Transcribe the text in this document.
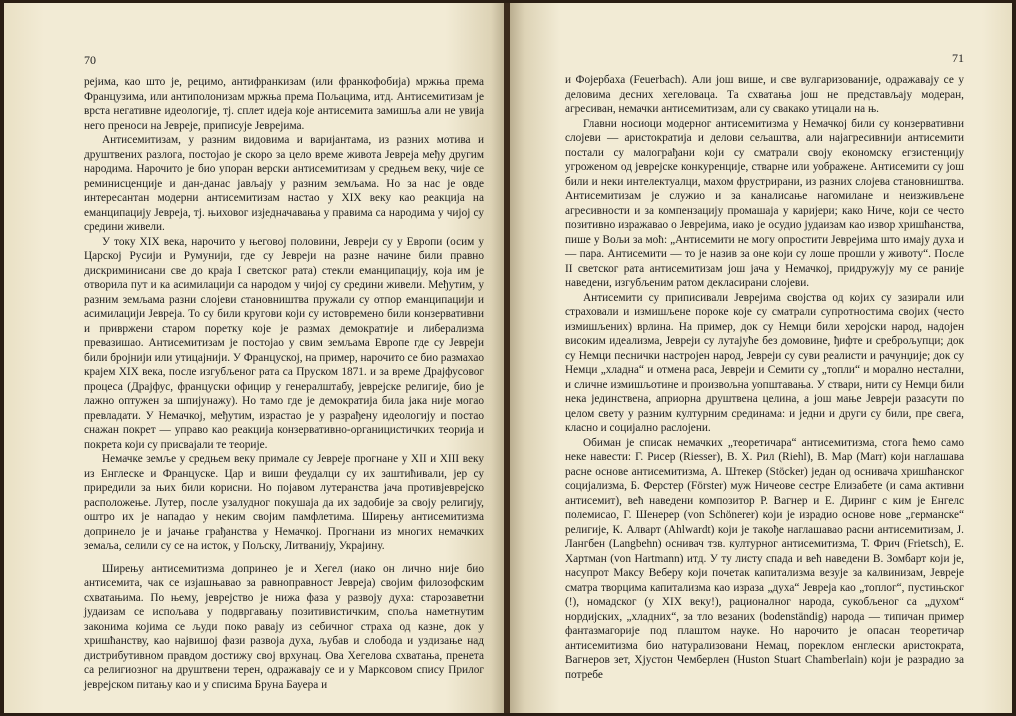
70

рејима, као што је, рецимо, антифранкизам (или франкофобија) мржња према Французима, или антиполонизам мржња према Пољацима, итд. Антисемитизам је врста негативне идеологије, тј. сплет идеја које антисемита замишља али не увија него преноси на Јевреје, приписује Јеврејима.

Антисемитизам, у разним видовима и варијантама, из разних мотива и друштвених разлога, постојао је скоро за цело време живота Јевреја међу другим народима. Нарочито је био упоран верски антисемитизам у средњем веку, чије се реминисценције и дан-данас јављају у разним земљама. Но за нас је овде интересантан модерни антисемитизам настао у XIX веку као реакција на еманципацију Јевреја, тј. њиховог изједначавања у правима са народима у чијој су средини живели.

У току XIX века, нарочито у његовој половини, Јевреји су у Европи (осим у Царској Русији и Румунији, где су Јевреји на разне начине били правно дискриминисани све до краја I светског рата) стекли еманципацију, која им је отворила пут и ка асимилацији са народом у чијој су средини живели. Међутим, у разним земљама разни слојеви становништва пружали су отпор еманципацији и асимилацији Јевреја. То су били кругови који су истовремено били конзервативни и привржени старом поретку које је размах демократије и либерализма превазишао. Антисемитизам је постојао у свим земљама Европе где су Јевреји били бројнији или утицајнији. У Француској, на пример, нарочито се био размахао крајем XIX века, после изгубљеног рата са Пруском 1871. и за време Драјфусовог процеса (Драјфус, француски официр у генералштабу, јеврејске религије, био је лажно оптужен за шпијунажу). Но тамо где је демократија била јака није могао превладати. У Немачкој, међутим, израстао је у разрађену идеологију и постао снажан покрет — управо као реакција конзервативно-органицистичких теорија и покрета који су присвајали те теорије.

Немачке земље у средњем веку примале су Јевреје прогнане у XII и XIII веку из Енглеске и Француске. Цар и виши феудалци су их заштићивали, јер су приредили за њих били корисни. Но појавом лутеранства јача противјеврејско расположење. Лутер, после узалудног покушаја да их задобије за своју религију, оштро их је нападао у неким својим памфлетима. Ширењу антисемитизма допринело је и јачање грађанства у Немачкој. Прогнани из многих немачких земаља, селили су се на исток, у Пољску, Литванију, Украјину.

Ширењу антисемитизма допринео је и Хегел (иако он лично није био антисемита, чак се изјашњавао за равноправност Јевреја) својим филозофским схватањима. По њему, јеврејство је нижа фаза у развоју духа: старозаветни јудаизам се испољава у подвргавању позитивистичким, споља наметнутим законима којима се људи поко равају из себичног страха од казне, док у хришћанству, као највишој фази развоја духа, љубав и слобода и уздизање над дистрибутивном правдом достижу свој врхунац. Ова Хегелова схватања, пренета са религиозног на друштвени терен, одражавају се и у Марксовом спису Прилог јеврејском питању као и у списима Бруна Бауера и

71

и Фојербаха (Feuerbach). Али још више, и све вулгаризованије, одражавају се у деловима десних хегеловаца. Та схватања још не представљају модеран, агресиван, немачки антисемитизам, али су свакако утицали на њ.

Главни носиоци модерног антисемитизма у Немачкој били су конзервативни слојеви — аристократија и делови сељаштва, али најагресивнији антисемити постали су малограђани који су сматрали своју економску егзистенцију угроженом од јеврејске конкуренције, стварне или уображене. Антисемити су још били и неки интелектуалци, махом фрустрирани, из разних слојева становништва. Антисемитизам је служио и за каналисање нагомилане и неизживљене агресивности и за компензацију промашаја у каријери; како Ниче, који се често позитивно изражавао о Јеврејима, иако је осудио јудаизам као извор хришћанства, пише у Вољи за моћ: „Антисемити не могу опростити Јеврејима што имају духа и — пара. Антисемити — то је назив за оне који су лоше прошли у животу“. После II светског рата антисемитизам још јача у Немачкој, придружују му се раније наведени, изгубљеним ратом декласирани слојеви.

Антисемити су приписивали Јеврејима својства од којих су зазирали или страховали и измишљене пороке које су сматрали супротностима својих (често измишљених) врлина. На пример, док су Немци били херојски народ, надојен високим идеализма, Јевреји су лутајуће без домовине, ђифте и среброљупци; док су Немци песнички настројен народ, Јевреји су суви реалисти и рачунџије; док су Немци „хладна“ и отмена раса, Јевреји и Семити су „топли“ и морално нестални, и сличне измишљотине и произвољна уопштавања. У ствари, нити су Немци били нека јединствена, априорна друштвена целина, а још мање Јевреји разасути по целом свету у разним културним срединама: и једни и други су били, пре свега, класно и социјално раслојени.

Обиман је списак немачких „теоретичара“ антисемитизма, стога ћемо само неке навести: Г. Рисер (Riesser), В. Х. Рил (Riehl), В. Мар (Marr) који наглашава расне основе антисемитизма, А. Штекер (Stöcker) један од оснивача хришћанског социјализма, Б. Ферстер (Förster) муж Ничеове сестре Елизабете (и сама активни антисемит), већ наведени композитор Р. Вагнер и Е. Диринг с ким је Енгелс полемисао, Г. Шенерер (von Schönerer) који је израдио основе нове „германске“ религије, К. Алварт (Ahlwardt) који је такође наглашавао расни антисемитизам, Ј. Лангбен (Langbehn) оснивач тзв. културног антисемитизма, Т. Фрич (Frietsch), Е. Хартман (von Hartmann) итд. У ту листу спада и већ наведени В. Зомбарт који је, насупрот Максу Веберу који почетак капитализма везује за калвинизам, Јевреје сматра творцима капитализма као израза „духа“ Јевреја као „топлог“, пустињског (!), номадског (у XIX веку!), рационалног народа, сукобљеног са „духом“ нордијских, „хладних“, за тло везаних (bodenständig) народа — типичан пример фантазмагорије под плаштом науке. Но нарочито је опасан теоретичар антисемитизма био натурализовани Немац, пореклом енглески аристократа, Вагнеров зет, Хјустон Чемберлен (Huston Stuart Chamberlain) који је разрадио за потребе
